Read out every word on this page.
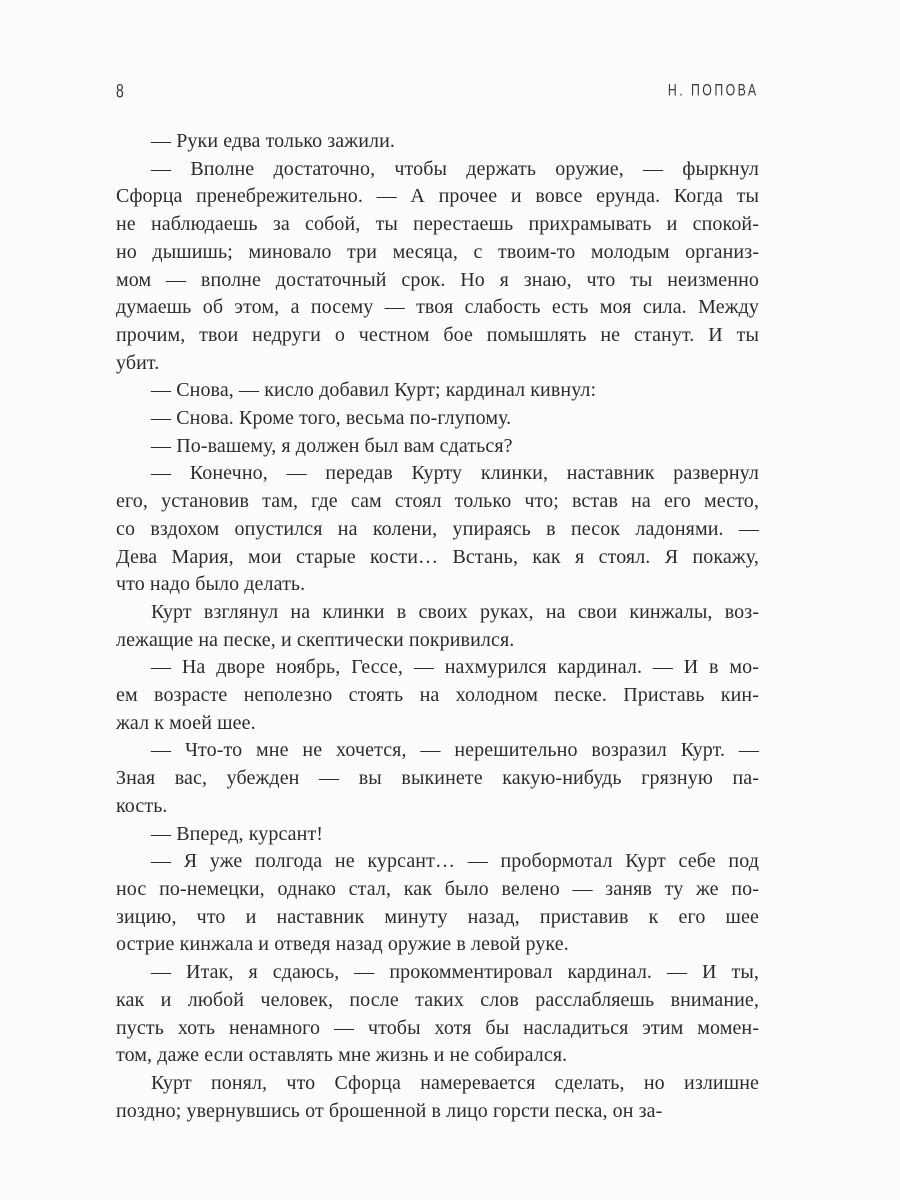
8	Н. ПОПОВА
— Руки едва только зажили.
— Вполне достаточно, чтобы держать оружие, — фыркнул
Сфорца пренебрежительно. — А прочее и вовсе ерунда. Когда ты
не наблюдаешь за собой, ты перестаешь прихрамывать и спокой-
но дышишь; миновало три месяца, с твоим-то молодым организ-
мом — вполне достаточный срок. Но я знаю, что ты неизменно
думаешь об этом, а посему — твоя слабость есть моя сила. Между
прочим, твои недруги о честном бое помышлять не станут. И ты
убит.
— Снова, — кисло добавил Курт; кардинал кивнул:
— Снова. Кроме того, весьма по-глупому.
— По-вашему, я должен был вам сдаться?
— Конечно, — передав Курту клинки, наставник развернул
его, установив там, где сам стоял только что; встав на его место,
со вздохом опустился на колени, упираясь в песок ладонями. —
Дева Мария, мои старые кости… Встань, как я стоял. Я покажу,
что надо было делать.
Курт взглянул на клинки в своих руках, на свои кинжалы, воз-
лежащие на песке, и скептически покривился.
— На дворе ноябрь, Гессе, — нахмурился кардинал. — И в мо-
ем возрасте неполезно стоять на холодном песке. Приставь кин-
жал к моей шее.
— Что-то мне не хочется, — нерешительно возразил Курт. —
Зная вас, убежден — вы выкинете какую-нибудь грязную па-
кость.
— Вперед, курсант!
— Я уже полгода не курсант… — пробормотал Курт себе под
нос по-немецки, однако стал, как было велено — заняв ту же по-
зицию, что и наставник минуту назад, приставив к его шее
острие кинжала и отведя назад оружие в левой руке.
— Итак, я сдаюсь, — прокомментировал кардинал. — И ты,
как и любой человек, после таких слов расслабляешь внимание,
пусть хоть ненамного — чтобы хотя бы насладиться этим момен-
том, даже если оставлять мне жизнь и не собирался.
Курт понял, что Сфорца намеревается сделать, но излишне
поздно; увернувшись от брошенной в лицо горсти песка, он за-
